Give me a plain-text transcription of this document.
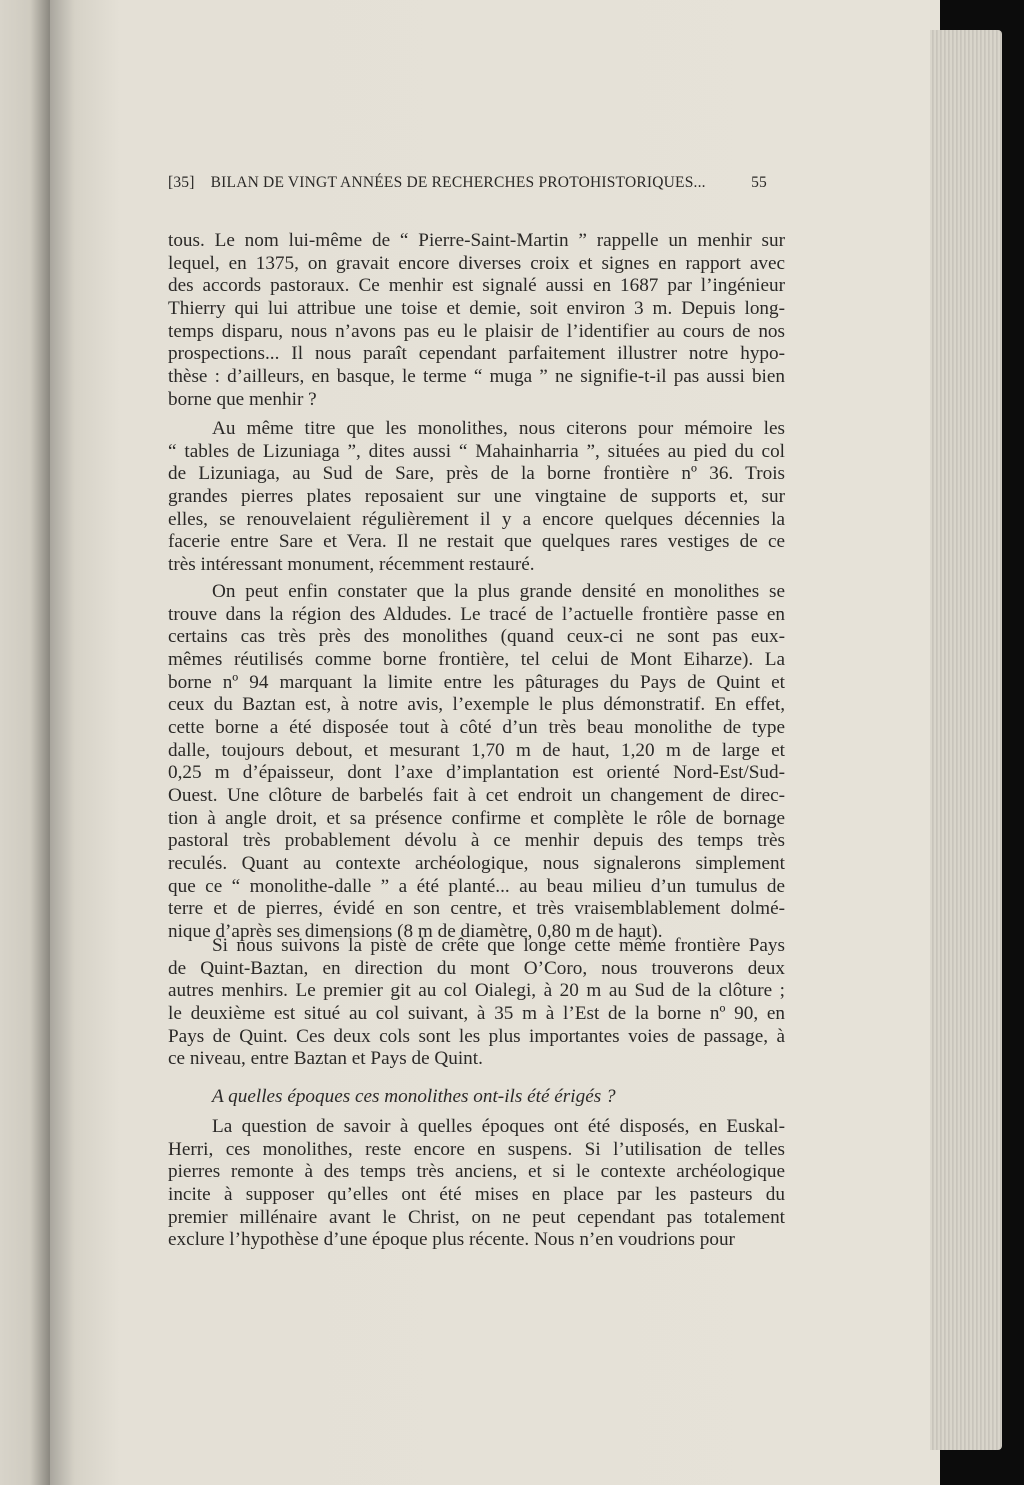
[35] BILAN DE VINGT ANNÉES DE RECHERCHES PROTOHISTORIQUES...	55
tous. Le nom lui-même de “ Pierre-Saint-Martin ” rappelle un menhir sur
lequel, en 1375, on gravait encore diverses croix et signes en rapport avec
des accords pastoraux. Ce menhir est signalé aussi en 1687 par l’ingénieur
Thierry qui lui attribue une toise et demie, soit environ 3 m. Depuis long-
temps disparu, nous n’avons pas eu le plaisir de l’identifier au cours de nos
prospections... Il nous paraît cependant parfaitement illustrer notre hypo-
thèse : d’ailleurs, en basque, le terme “ muga ” ne signifie-t-il pas aussi bien
borne que menhir ?
Au même titre que les monolithes, nous citerons pour mémoire les
“ tables de Lizuniaga ”, dites aussi “ Mahainharria ”, situées au pied du col
de Lizuniaga, au Sud de Sare, près de la borne frontière nº 36. Trois
grandes pierres plates reposaient sur une vingtaine de supports et, sur
elles, se renouvelaient régulièrement il y a encore quelques décennies la
facerie entre Sare et Vera. Il ne restait que quelques rares vestiges de ce
très intéressant monument, récemment restauré.
On peut enfin constater que la plus grande densité en monolithes se
trouve dans la région des Aldudes. Le tracé de l’actuelle frontière passe en
certains cas très près des monolithes (quand ceux-ci ne sont pas eux-
mêmes réutilisés comme borne frontière, tel celui de Mont Eiharze). La
borne nº 94 marquant la limite entre les pâturages du Pays de Quint et
ceux du Baztan est, à notre avis, l’exemple le plus démonstratif. En effet,
cette borne a été disposée tout à côté d’un très beau monolithe de type
dalle, toujours debout, et mesurant 1,70 m de haut, 1,20 m de large et
0,25 m d’épaisseur, dont l’axe d’implantation est orienté Nord-Est/Sud-
Ouest. Une clôture de barbelés fait à cet endroit un changement de direc-
tion à angle droit, et sa présence confirme et complète le rôle de bornage
pastoral très probablement dévolu à ce menhir depuis des temps très
reculés. Quant au contexte archéologique, nous signalerons simplement
que ce “ monolithe-dalle ” a été planté... au beau milieu d’un tumulus de
terre et de pierres, évidé en son centre, et très vraisemblablement dolmé-
nique d’après ses dimensions (8 m de diamètre, 0,80 m de haut).
Si nous suivons la piste de crête que longe cette même frontière Pays
de Quint-Baztan, en direction du mont O’Coro, nous trouverons deux
autres menhirs. Le premier git au col Oialegi, à 20 m au Sud de la clôture ;
le deuxième est situé au col suivant, à 35 m à l’Est de la borne nº 90, en
Pays de Quint. Ces deux cols sont les plus importantes voies de passage, à
ce niveau, entre Baztan et Pays de Quint.
A quelles époques ces monolithes ont-ils été érigés ?
La question de savoir à quelles époques ont été disposés, en Euskal-
Herri, ces monolithes, reste encore en suspens. Si l’utilisation de telles
pierres remonte à des temps très anciens, et si le contexte archéologique
incite à supposer qu’elles ont été mises en place par les pasteurs du
premier millénaire avant le Christ, on ne peut cependant pas totalement
exclure l’hypothèse d’une époque plus récente. Nous n’en voudrions pour
